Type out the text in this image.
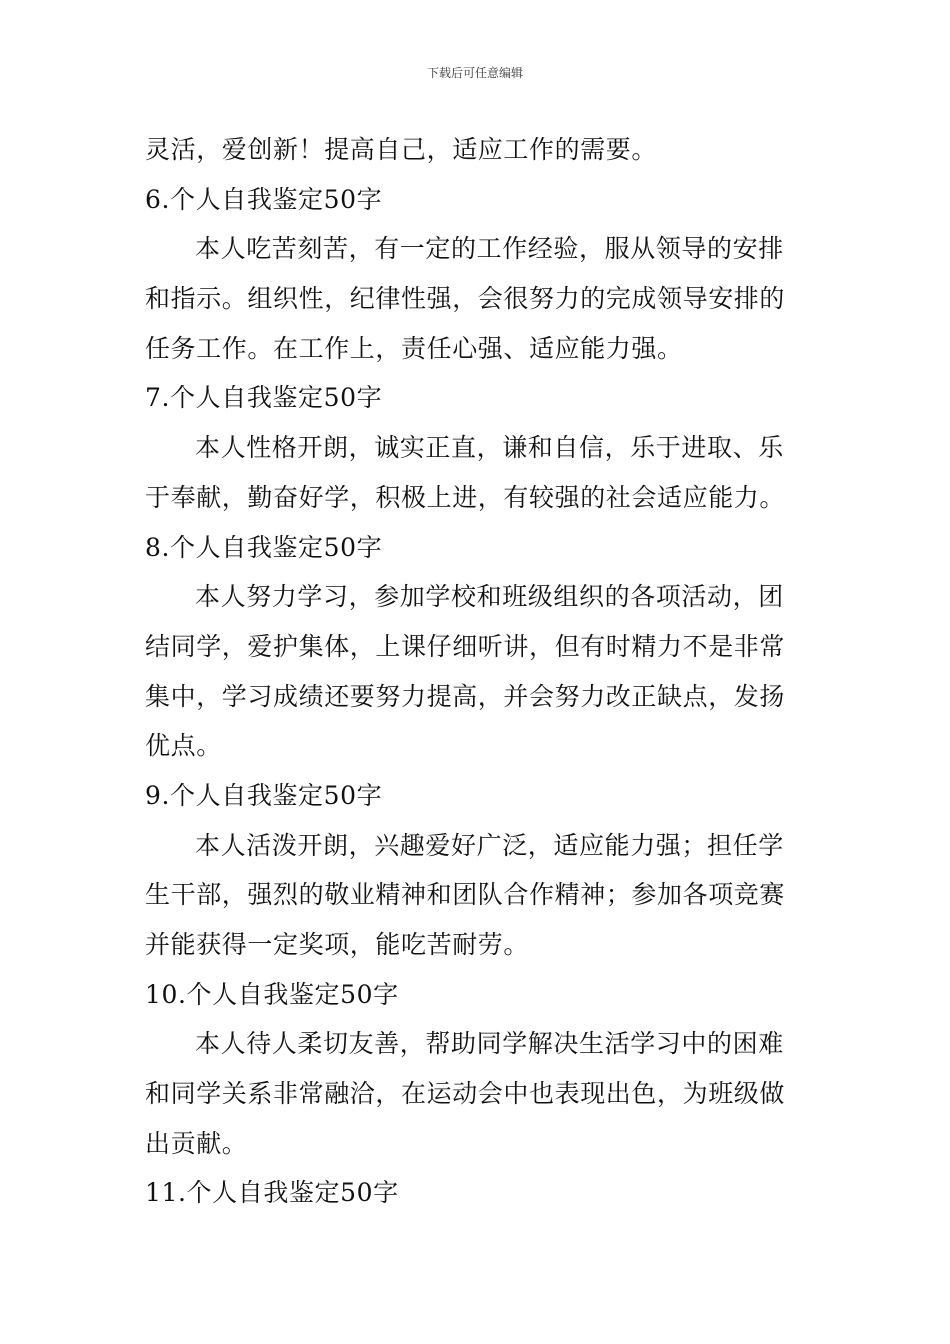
下载后可任意编辑
灵活，爱创新！提高自己，适应工作的需要。
6.个人自我鉴定50字
本人吃苦刻苦，有一定的工作经验，服从领导的安排
和指示。组织性，纪律性强，会很努力的完成领导安排的
任务工作。在工作上，责任心强、适应能力强。
7.个人自我鉴定50字
本人性格开朗，诚实正直，谦和自信，乐于进取、乐
于奉献，勤奋好学，积极上进，有较强的社会适应能力。
8.个人自我鉴定50字
本人努力学习，参加学校和班级组织的各项活动，团
结同学，爱护集体，上课仔细听讲，但有时精力不是非常
集中，学习成绩还要努力提高，并会努力改正缺点，发扬
优点。
9.个人自我鉴定50字
本人活泼开朗，兴趣爱好广泛，适应能力强；担任学
生干部，强烈的敬业精神和团队合作精神；参加各项竞赛
并能获得一定奖项，能吃苦耐劳。
10.个人自我鉴定50字
本人待人柔切友善，帮助同学解决生活学习中的困难
和同学关系非常融洽，在运动会中也表现出色，为班级做
出贡献。
11.个人自我鉴定50字
